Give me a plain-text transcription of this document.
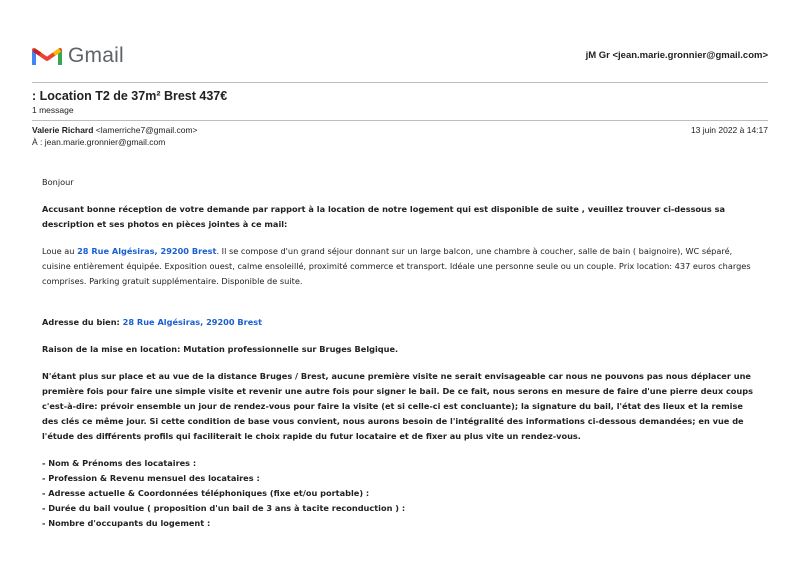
Gmail	jM Gr <jean.marie.gronnier@gmail.com>
: Location T2 de 37m² Brest 437€
1 message
Valerie Richard <lamerriche7@gmail.com>	13 juin 2022 à 14:17
À : jean.marie.gronnier@gmail.com

Bonjour

Accusant bonne réception de votre demande par rapport à la location de notre logement qui est disponible de suite , veuillez trouver ci-dessous sa description et ses photos en pièces jointes à ce mail:

Loue au 28 Rue Algésiras, 29200 Brest. Il se compose d'un grand séjour donnant sur un large balcon, une chambre à coucher, salle de bain ( baignoire), WC séparé, cuisine entièrement équipée. Exposition ouest, calme ensoleillé, proximité commerce et transport. Idéale une personne seule ou un couple. Prix location: 437 euros charges comprises. Parking gratuit supplémentaire. Disponible de suite.

Adresse du bien: 28 Rue Algésiras, 29200 Brest

Raison de la mise en location: Mutation professionnelle sur Bruges Belgique.

N'étant plus sur place et au vue de la distance Bruges / Brest, aucune première visite ne serait envisageable car nous ne pouvons pas nous déplacer une première fois pour faire une simple visite et revenir une autre fois pour signer le bail. De ce fait, nous serons en mesure de faire d'une pierre deux coups c'est-à-dire: prévoir ensemble un jour de rendez-vous pour faire la visite (et si celle-ci est concluante); la signature du bail, l'état des lieux et la remise des clés ce même jour. Si cette condition de base vous convient, nous aurons besoin de l'intégralité des informations ci-dessous demandées; en vue de l'étude des différents profils qui faciliterait le choix rapide du futur locataire et de fixer au plus vite un rendez-vous.

- Nom & Prénoms des locataires :
- Profession & Revenu mensuel des locataires :
- Adresse actuelle & Coordonnées téléphoniques (fixe et/ou portable) :
- Durée du bail voulue ( proposition d'un bail de 3 ans à tacite reconduction ) :
- Nombre d'occupants du logement :
